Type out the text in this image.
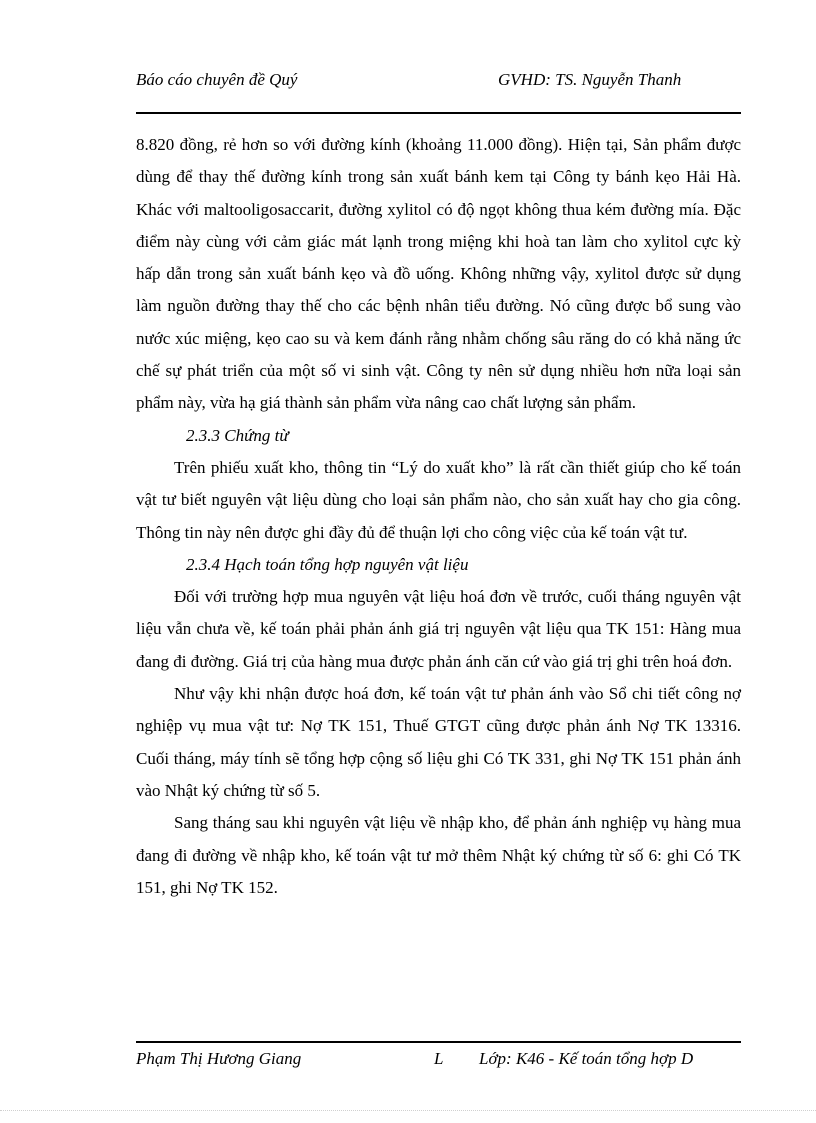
Báo cáo chuyên đề Quý	GVHD: TS. Nguyễn Thanh

8.820 đồng, rẻ hơn so với đường kính (khoảng 11.000 đồng). Hiện tại, Sản phẩm được dùng để thay thế đường kính trong sản xuất bánh kem tại Công ty bánh kẹo Hải Hà. Khác với maltooligosaccarit, đường xylitol có độ ngọt không thua kém đường mía. Đặc điểm này cùng với cảm giác mát lạnh trong miệng khi hoà tan làm cho xylitol cực kỳ hấp dẫn trong sản xuất bánh kẹo và đồ uống. Không những vậy, xylitol được sử dụng làm nguồn đường thay thế cho các bệnh nhân tiểu đường. Nó cũng được bổ sung vào nước xúc miệng, kẹo cao su và kem đánh rằng nhằm chống sâu răng do có khả năng ức chế sự phát triển của một số vi sinh vật. Công ty nên sử dụng nhiều hơn nữa loại sản phẩm này, vừa hạ giá thành sản phẩm vừa nâng cao chất lượng sản phẩm.

2.3.3 Chứng từ

Trên phiếu xuất kho, thông tin “Lý do xuất kho” là rất cần thiết giúp cho kế toán vật tư biết nguyên vật liệu dùng cho loại sản phẩm nào, cho sản xuất hay cho gia công. Thông tin này nên được ghi đầy đủ để thuận lợi cho công việc của kế toán vật tư.

2.3.4 Hạch toán tổng hợp nguyên vật liệu

Đối với trường hợp mua nguyên vật liệu hoá đơn về trước, cuối tháng nguyên vật liệu vẫn chưa về, kế toán phải phản ánh giá trị nguyên vật liệu qua TK 151: Hàng mua đang đi đường. Giá trị của hàng mua được phản ánh căn cứ vào giá trị ghi trên hoá đơn.

Như vậy khi nhận được hoá đơn, kế toán vật tư phản ánh vào Sổ chi tiết công nợ nghiệp vụ mua vật tư: Nợ TK 151, Thuế GTGT cũng được phản ánh Nợ TK 13316. Cuối tháng, máy tính sẽ tổng hợp cộng số liệu ghi Có TK 331, ghi Nợ TK 151 phản ánh vào Nhật ký chứng từ số 5.

Sang tháng sau khi nguyên vật liệu về nhập kho, để phản ánh nghiệp vụ hàng mua đang đi đường về nhập kho, kế toán vật tư mở thêm Nhật ký chứng từ số 6: ghi Có TK 151, ghi Nợ TK 152.

Phạm Thị Hương Giang	L Lớp: K46 - Kế toán tổng hợp D
